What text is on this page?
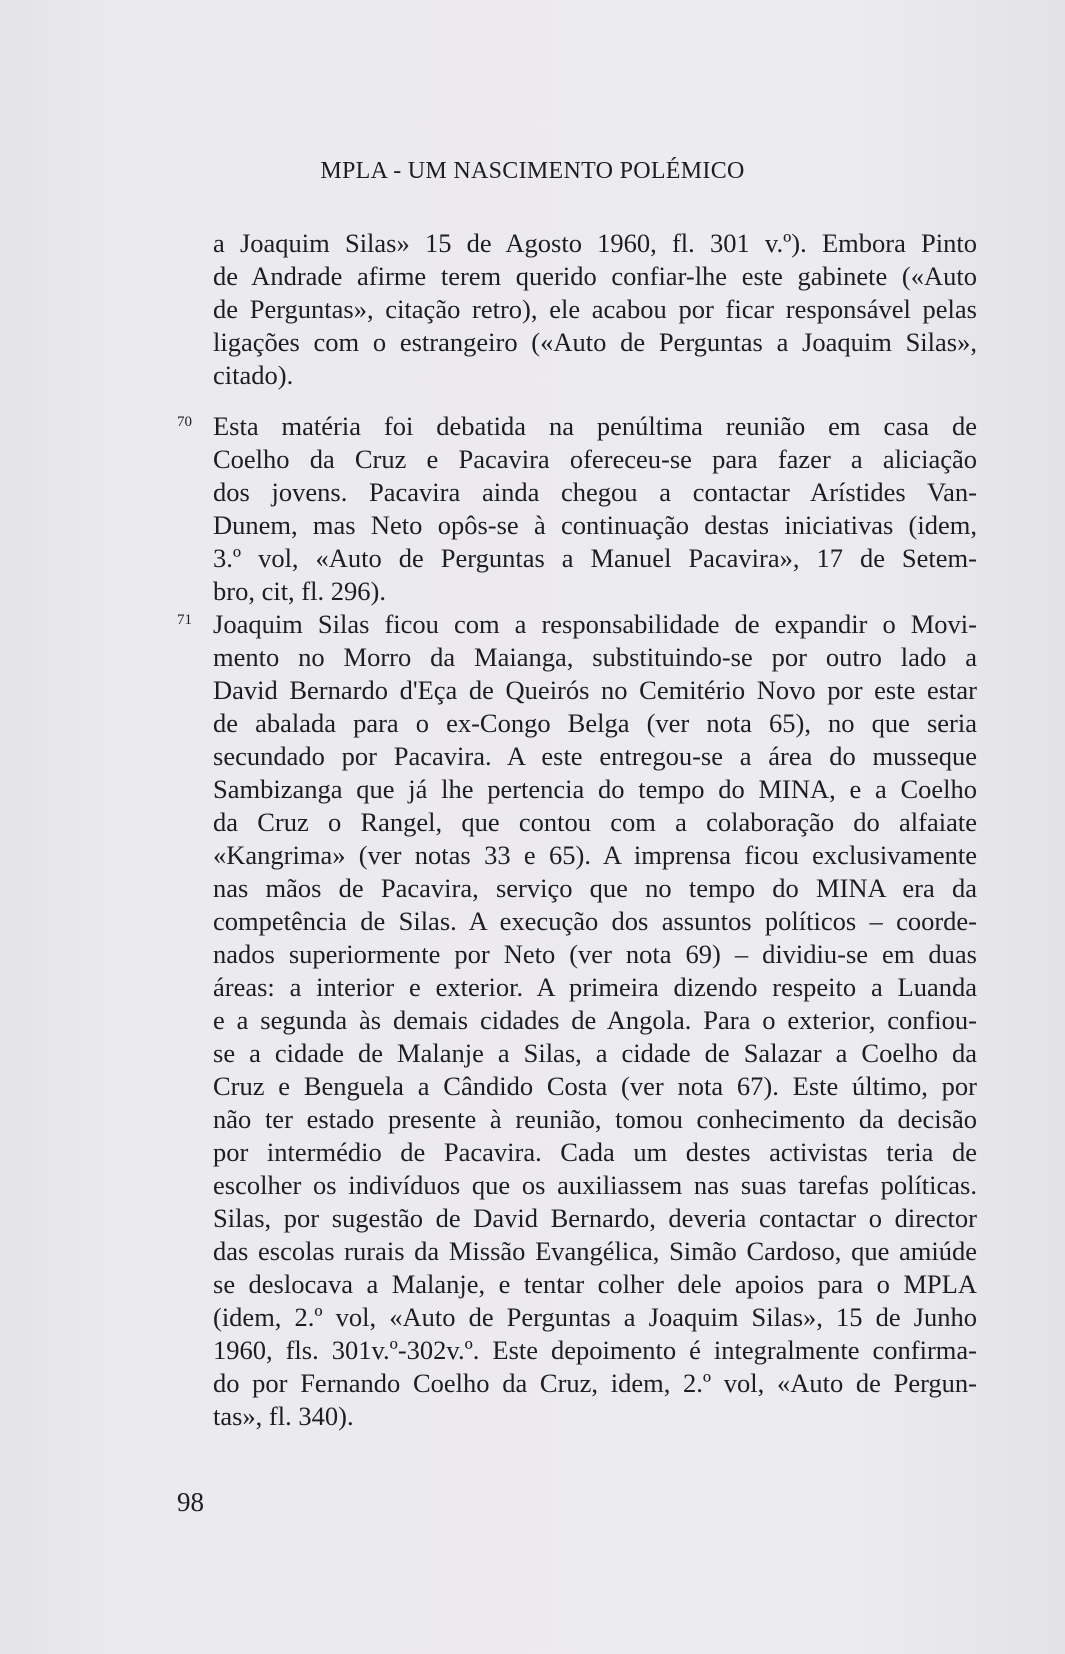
MPLA - UM NASCIMENTO POLÉMICO
a Joaquim Silas» 15 de Agosto 1960, fl. 301 v.º). Embora Pinto
de Andrade afirme terem querido confiar-lhe este gabinete («Auto
de Perguntas», citação retro), ele acabou por ficar responsável pelas
ligações com o estrangeiro («Auto de Perguntas a Joaquim Silas»,
citado).
70 Esta matéria foi debatida na penúltima reunião em casa de
Coelho da Cruz e Pacavira ofereceu-se para fazer a aliciação
dos jovens. Pacavira ainda chegou a contactar Arístides Van-
Dunem, mas Neto opôs-se à continuação destas iniciativas (idem,
3.º vol, «Auto de Perguntas a Manuel Pacavira», 17 de Setem-
bro, cit, fl. 296).
71 Joaquim Silas ficou com a responsabilidade de expandir o Movi-
mento no Morro da Maianga, substituindo-se por outro lado a
David Bernardo d'Eça de Queirós no Cemitério Novo por este estar
de abalada para o ex-Congo Belga (ver nota 65), no que seria
secundado por Pacavira. A este entregou-se a área do musseque
Sambizanga que já lhe pertencia do tempo do MINA, e a Coelho
da Cruz o Rangel, que contou com a colaboração do alfaiate
«Kangrima» (ver notas 33 e 65). A imprensa ficou exclusivamente
nas mãos de Pacavira, serviço que no tempo do MINA era da
competência de Silas. A execução dos assuntos políticos – coorde-
nados superiormente por Neto (ver nota 69) – dividiu-se em duas
áreas: a interior e exterior. A primeira dizendo respeito a Luanda
e a segunda às demais cidades de Angola. Para o exterior, confiou-
se a cidade de Malanje a Silas, a cidade de Salazar a Coelho da
Cruz e Benguela a Cândido Costa (ver nota 67). Este último, por
não ter estado presente à reunião, tomou conhecimento da decisão
por intermédio de Pacavira. Cada um destes activistas teria de
escolher os indivíduos que os auxiliassem nas suas tarefas políticas.
Silas, por sugestão de David Bernardo, deveria contactar o director
das escolas rurais da Missão Evangélica, Simão Cardoso, que amiúde
se deslocava a Malanje, e tentar colher dele apoios para o MPLA
(idem, 2.º vol, «Auto de Perguntas a Joaquim Silas», 15 de Junho
1960, fls. 301v.º-302v.º. Este depoimento é integralmente confirma-
do por Fernando Coelho da Cruz, idem, 2.º vol, «Auto de Pergun-
tas», fl. 340).
98
